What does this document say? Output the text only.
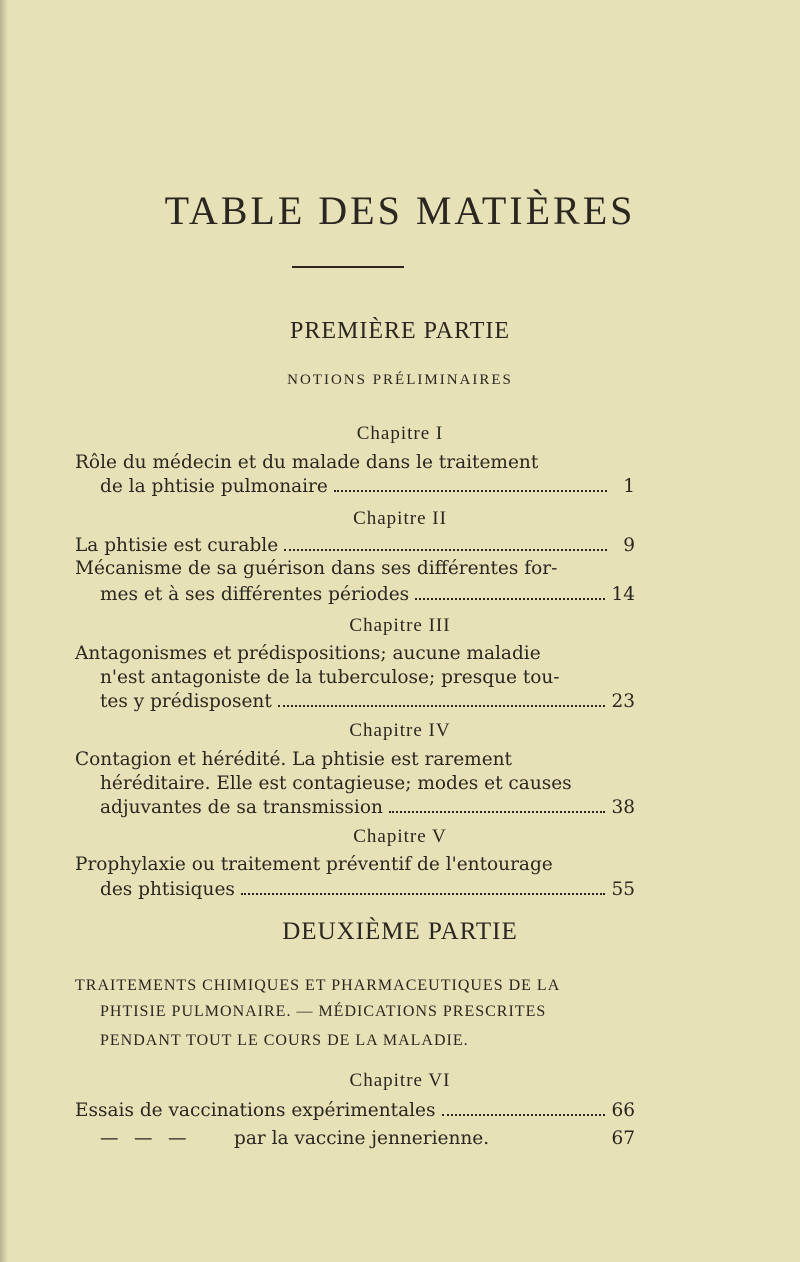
TABLE DES MATIÈRES
PREMIÈRE PARTIE
NOTIONS PRÉLIMINAIRES
Chapitre I
Rôle du médecin et du malade dans le traitement
de la phtisie pulmonaire	1
Chapitre II
La phtisie est curable	9
Mécanisme de sa guérison dans ses différentes for-
mes et à ses différentes périodes	14
Chapitre III
Antagonismes et prédispositions; aucune maladie
n'est antagoniste de la tuberculose; presque tou-
tes y prédisposent	23
Chapitre IV
Contagion et hérédité. La phtisie est rarement
héréditaire. Elle est contagieuse; modes et causes
adjuvantes de sa transmission	38
Chapitre V
Prophylaxie ou traitement préventif de l'entourage
des phtisiques	55
DEUXIÈME PARTIE
TRAITEMENTS CHIMIQUES ET PHARMACEUTIQUES DE LA
PHTISIE PULMONAIRE. — MÉDICATIONS PRESCRITES
PENDANT TOUT LE COURS DE LA MALADIE.
Chapitre VI
Essais de vaccinations expérimentales	66
— — —	par la vaccine jennerienne.	67
